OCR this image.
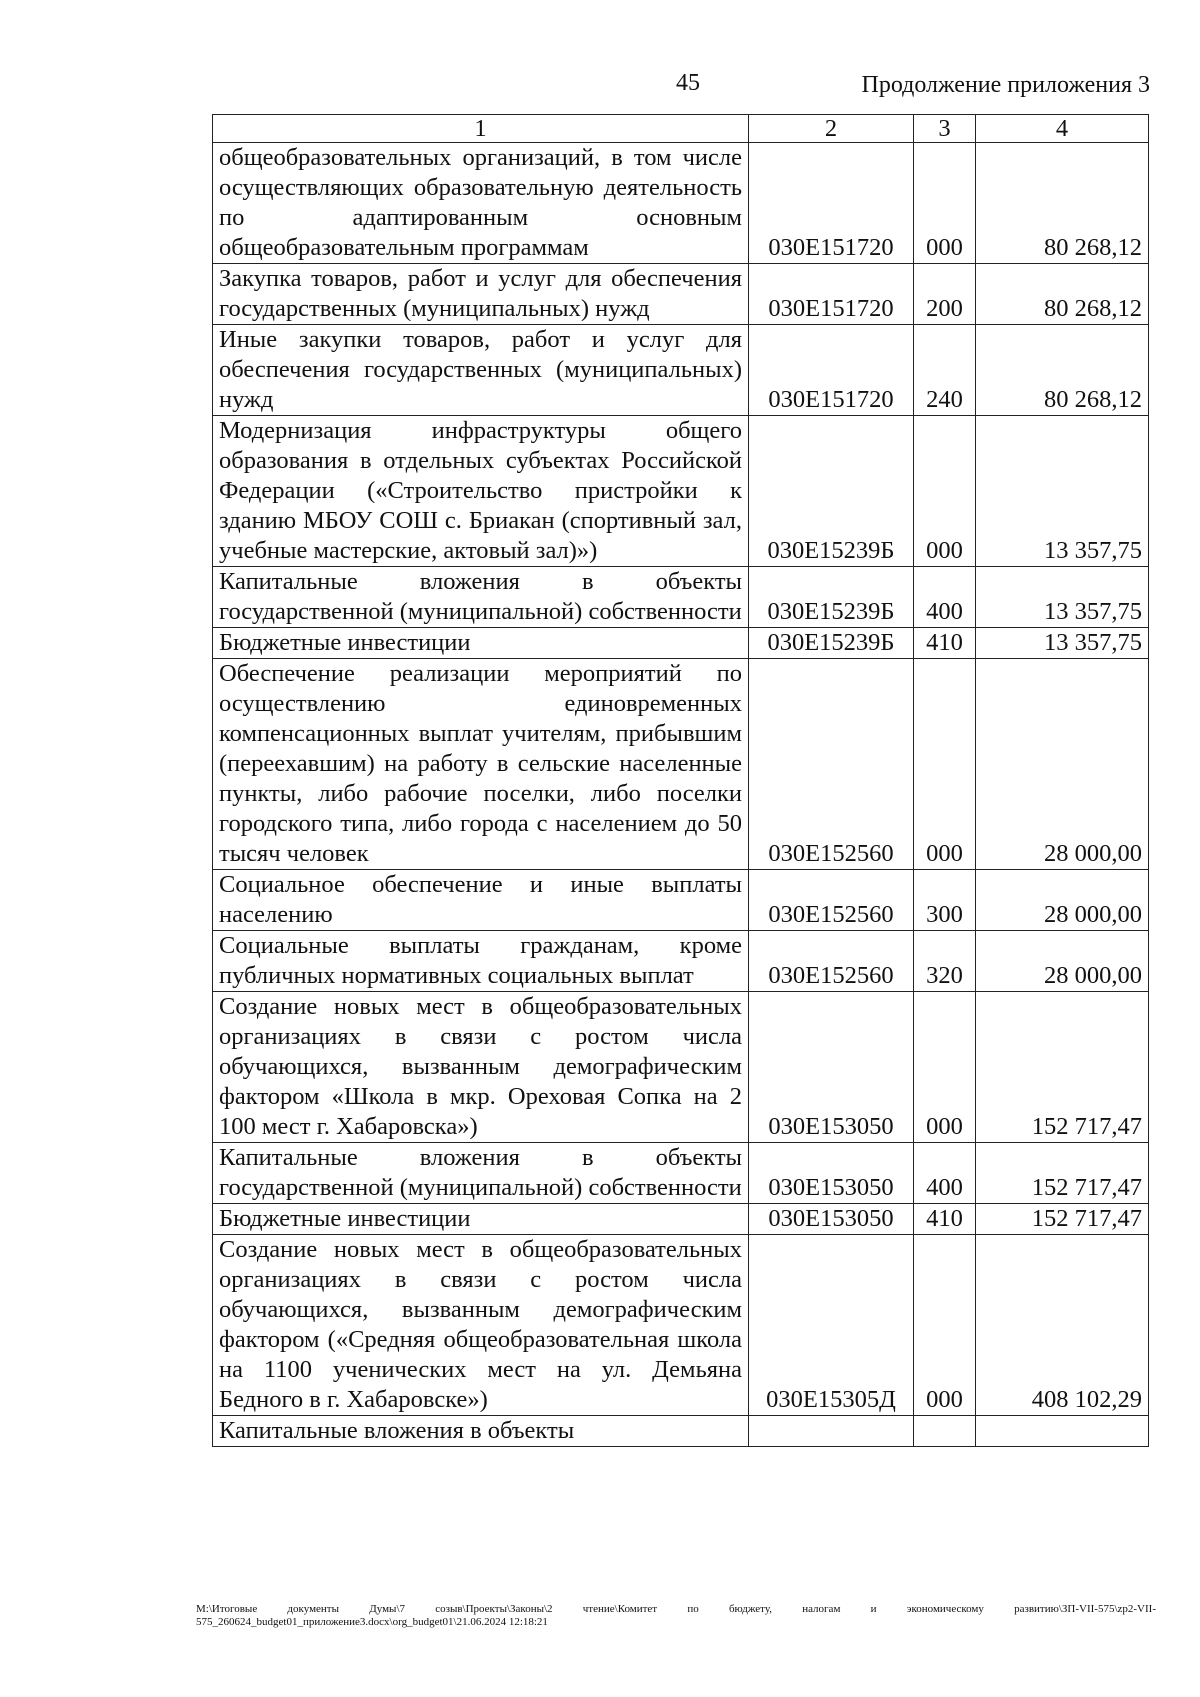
45	Продолжение приложения 3
1	2	3	4
общеобразовательных организаций, в том числе осуществляющих образовательную деятельность по адаптированным основным общеобразовательным программам	030E151720	000	80 268,12
Закупка товаров, работ и услуг для обеспечения государственных (муниципальных) нужд	030E151720	200	80 268,12
Иные закупки товаров, работ и услуг для обеспечения государственных (муниципальных) нужд	030E151720	240	80 268,12
Модернизация инфраструктуры общего образования в отдельных субъектах Российской Федерации («Строительство пристройки к зданию МБОУ СОШ с. Бриакан (спортивный зал, учебные мастерские, актовый зал)»)	030E15239Б	000	13 357,75
Капитальные вложения в объекты государственной (муниципальной) собственности	030E15239Б	400	13 357,75
Бюджетные инвестиции	030E15239Б	410	13 357,75
Обеспечение реализации мероприятий по осуществлению единовременных компенсационных выплат учителям, прибывшим (переехавшим) на работу в сельские населенные пункты, либо рабочие поселки, либо поселки городского типа, либо города с населением до 50 тысяч человек	030E152560	000	28 000,00
Социальное обеспечение и иные выплаты населению	030E152560	300	28 000,00
Социальные выплаты гражданам, кроме публичных нормативных социальных выплат	030E152560	320	28 000,00
Создание новых мест в общеобразовательных организациях в связи с ростом числа обучающихся, вызванным демографическим фактором «Школа в мкр. Ореховая Сопка на 2 100 мест г. Хабаровска»)	030E153050	000	152 717,47
Капитальные вложения в объекты государственной (муниципальной) собственности	030E153050	400	152 717,47
Бюджетные инвестиции	030E153050	410	152 717,47
Создание новых мест в общеобразовательных организациях в связи с ростом числа обучающихся, вызванным демографическим фактором («Средняя общеобразовательная школа на 1100 ученических мест на ул. Демьяна Бедного в г. Хабаровске»)	030E15305Д	000	408 102,29
Капитальные вложения в объекты			
М:\Итоговые документы Думы\7 созыв\Проекты\Законы\2 чтение\Комитет по бюджету, налогам и экономическому развитию\ЗП-VII-575\zp2-VII-575_260624_budget01_приложение3.docx\org_budget01\21.06.2024 12:18:21
